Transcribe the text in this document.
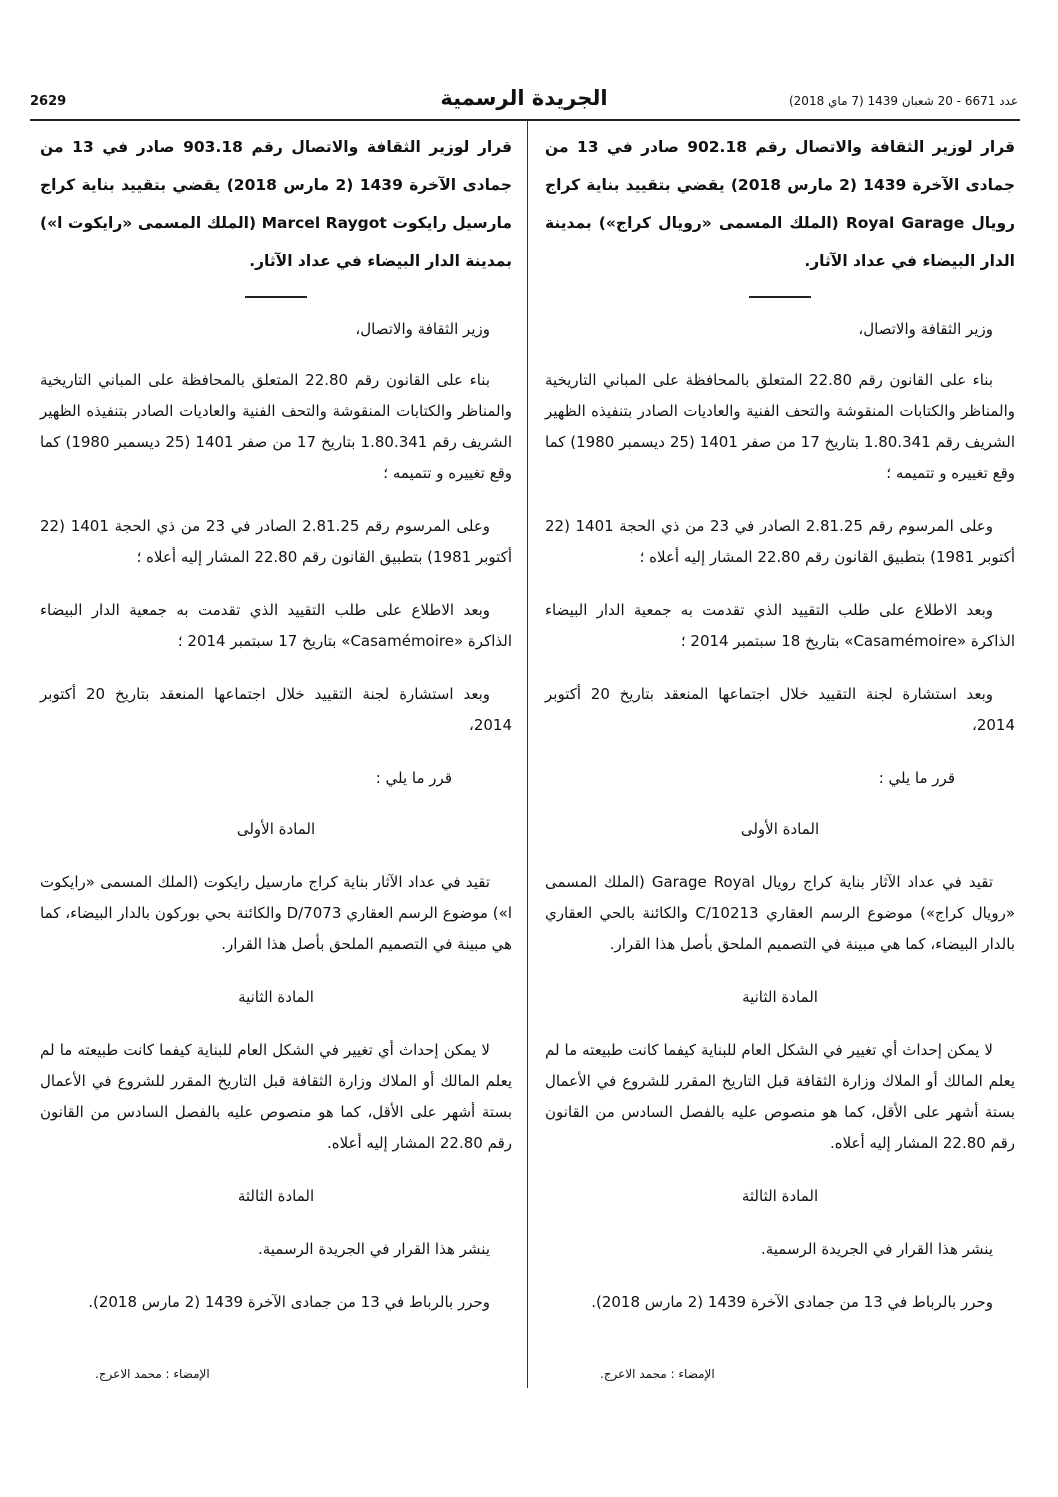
عدد 6671 - 20 شعبان 1439 (7 ماي 2018)
الجريدة الرسمية
2629

قرار لوزير الثقافة والاتصال رقم 902.18 صادر في 13 من جمادى الآخرة 1439 (2 مارس 2018) يقضي بتقييد بناية كراج رويال Royal Garage (الملك المسمى «رويال كراج») بمدينة الدار البيضاء في عداد الآثار.

وزير الثقافة والاتصال،

بناء على القانون رقم 22.80 المتعلق بالمحافظة على المباني التاريخية والمناظر والكتابات المنقوشة والتحف الفنية والعاديات الصادر بتنفيذه الظهير الشريف رقم 1.80.341 بتاريخ 17 من صفر 1401 (25 ديسمبر 1980) كما وقع تغييره و تتميمه ؛

وعلى المرسوم رقم 2.81.25 الصادر في 23 من ذي الحجة 1401 (22 أكتوبر 1981) بتطبيق القانون رقم 22.80 المشار إليه أعلاه ؛

وبعد الاطلاع على طلب التقييد الذي تقدمت به جمعية الدار البيضاء الذاكرة «Casamémoire» بتاريخ 18 سبتمبر 2014 ؛

وبعد استشارة لجنة التقييد خلال اجتماعها المنعقد بتاريخ 20 أكتوبر 2014،

قرر ما يلي :

المادة الأولى

تقيد في عداد الآثار بناية كراج رويال Garage Royal (الملك المسمى «رويال كراج») موضوع الرسم العقاري C/10213 والكائنة بالحي العقاري بالدار البيضاء، كما هي مبينة في التصميم الملحق بأصل هذا القرار.

المادة الثانية

لا يمكن إحداث أي تغيير في الشكل العام للبناية كيفما كانت طبيعته ما لم يعلم المالك أو الملاك وزارة الثقافة قبل التاريخ المقرر للشروع في الأعمال بستة أشهر على الأقل، كما هو منصوص عليه بالفصل السادس من القانون رقم 22.80 المشار إليه أعلاه.

المادة الثالثة

ينشر هذا القرار في الجريدة الرسمية.

وحرر بالرباط في 13 من جمادى الآخرة 1439 (2 مارس 2018).

الإمضاء : محمد الاعرج.

قرار لوزير الثقافة والاتصال رقم 903.18 صادر في 13 من جمادى الآخرة 1439 (2 مارس 2018) يقضي بتقييد بناية كراج مارسيل رايكوت Marcel Raygot (الملك المسمى «رايكوت ا») بمدينة الدار البيضاء في عداد الآثار.

وزير الثقافة والاتصال،

بناء على القانون رقم 22.80 المتعلق بالمحافظة على المباني التاريخية والمناظر والكتابات المنقوشة والتحف الفنية والعاديات الصادر بتنفيذه الظهير الشريف رقم 1.80.341 بتاريخ 17 من صفر 1401 (25 ديسمبر 1980) كما وقع تغييره و تتميمه ؛

وعلى المرسوم رقم 2.81.25 الصادر في 23 من ذي الحجة 1401 (22 أكتوبر 1981) بتطبيق القانون رقم 22.80 المشار إليه أعلاه ؛

وبعد الاطلاع على طلب التقييد الذي تقدمت به جمعية الدار البيضاء الذاكرة «Casamémoire» بتاريخ 17 سبتمبر 2014 ؛

وبعد استشارة لجنة التقييد خلال اجتماعها المنعقد بتاريخ 20 أكتوبر 2014،

قرر ما يلي :

المادة الأولى

تقيد في عداد الآثار بناية كراج مارسيل رايكوت (الملك المسمى «رايكوت ا») موضوع الرسم العقاري D/7073 والكائنة بحي بوركون بالدار البيضاء، كما هي مبينة في التصميم الملحق بأصل هذا القرار.

المادة الثانية

لا يمكن إحداث أي تغيير في الشكل العام للبناية كيفما كانت طبيعته ما لم يعلم المالك أو الملاك وزارة الثقافة قبل التاريخ المقرر للشروع في الأعمال بستة أشهر على الأقل، كما هو منصوص عليه بالفصل السادس من القانون رقم 22.80 المشار إليه أعلاه.

المادة الثالثة

ينشر هذا القرار في الجريدة الرسمية.

وحرر بالرباط في 13 من جمادى الآخرة 1439 (2 مارس 2018).

الإمضاء : محمد الاعرج.
